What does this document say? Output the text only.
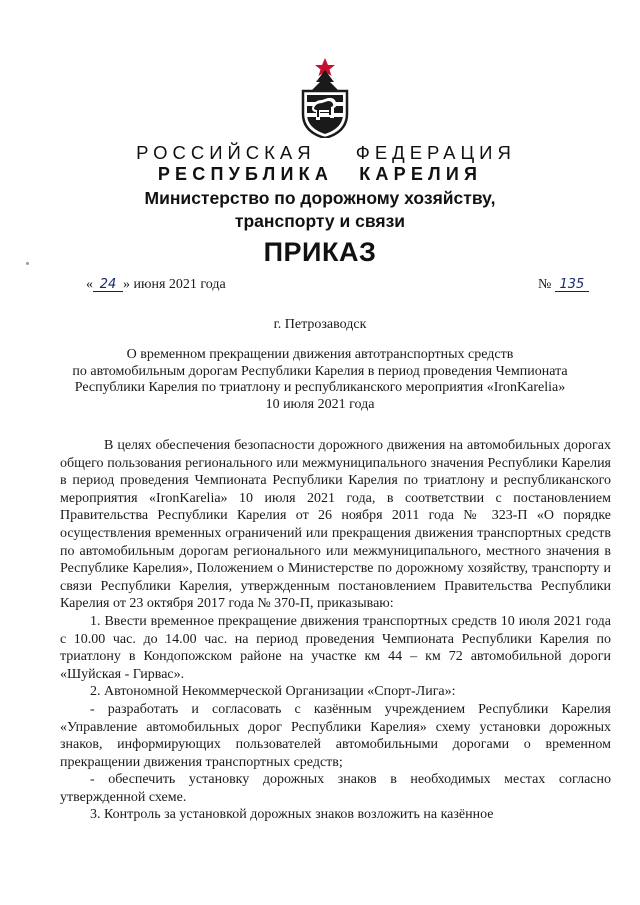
РОССИЙСКАЯ ФЕДЕРАЦИЯ
РЕСПУБЛИКА КАРЕЛИЯ
Министерство по дорожному хозяйству,
транспорту и связи
ПРИКАЗ
« 24 » июня 2021 года	№ 135
г. Петрозаводск
О временном прекращении движения автотранспортных средств
по автомобильным дорогам Республики Карелия в период проведения Чемпионата
Республики Карелия по триатлону и республиканского мероприятия «IronKarelia»
10 июля 2021 года

В целях обеспечения безопасности дорожного движения на автомобильных дорогах общего пользования регионального или межмуниципального значения Республики Карелия в период проведения Чемпионата Республики Карелия по триатлону и республиканского мероприятия «IronKarelia» 10 июля 2021 года, в соответствии с постановлением Правительства Республики Карелия от 26 ноября 2011 года № 323-П «О порядке осуществления временных ограничений или прекращения движения транспортных средств по автомобильным дорогам регионального или межмуниципального, местного значения в Республике Карелия», Положением о Министерстве по дорожному хозяйству, транспорту и связи Республики Карелия, утвержденным постановлением Правительства Республики Карелия от 23 октября 2017 года № 370-П, приказываю:

1. Ввести временное прекращение движения транспортных средств 10 июля 2021 года с 10.00 час. до 14.00 час. на период проведения Чемпионата Республики Карелия по триатлону в Кондопожском районе на участке км 44 – км 72 автомобильной дороги «Шуйская - Гирвас».

2. Автономной Некоммерческой Организации «Спорт-Лига»:

- разработать и согласовать с казённым учреждением Республики Карелия «Управление автомобильных дорог Республики Карелия» схему установки дорожных знаков, информирующих пользователей автомобильными дорогами о временном прекращении движения транспортных средств;

- обеспечить установку дорожных знаков в необходимых местах согласно утвержденной схеме.

3. Контроль за установкой дорожных знаков возложить на казённое
